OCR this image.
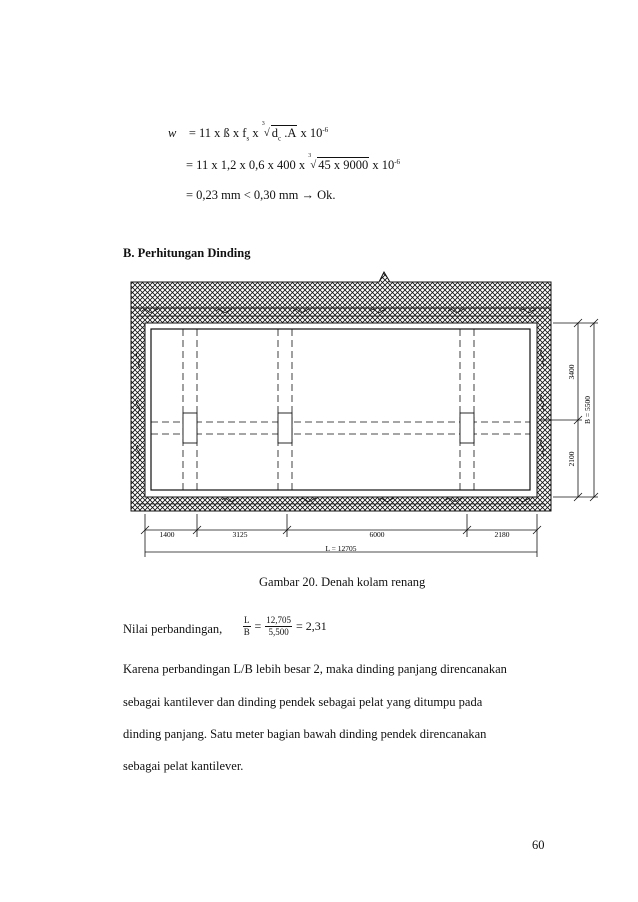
w = 11 x ß x $f_s$ x
3
√ $d_c$ .A x $10^{-6}$
= 11 x 1,2 x 0,6 x 400 x
3
√ 45 x 9000 x $10^{-6}$
= 0,23 mm < 0,30 mm → Ok.
B. Perhitungan Dinding
1400	3125	6000	2180
L = 12705
3400
2100
B = 5500
Gambar 20. Denah kolam renang
Nilai perbandingan, $\frac{L}{B} = \frac{12,705}{5,500} = 2,31$
Karena perbandingan L/B lebih besar 2, maka dinding panjang direncanakan
sebagai kantilever dan dinding pendek sebagai pelat yang ditumpu pada
dinding panjang. Satu meter bagian bawah dinding pendek direncanakan
sebagai pelat kantilever.
60
